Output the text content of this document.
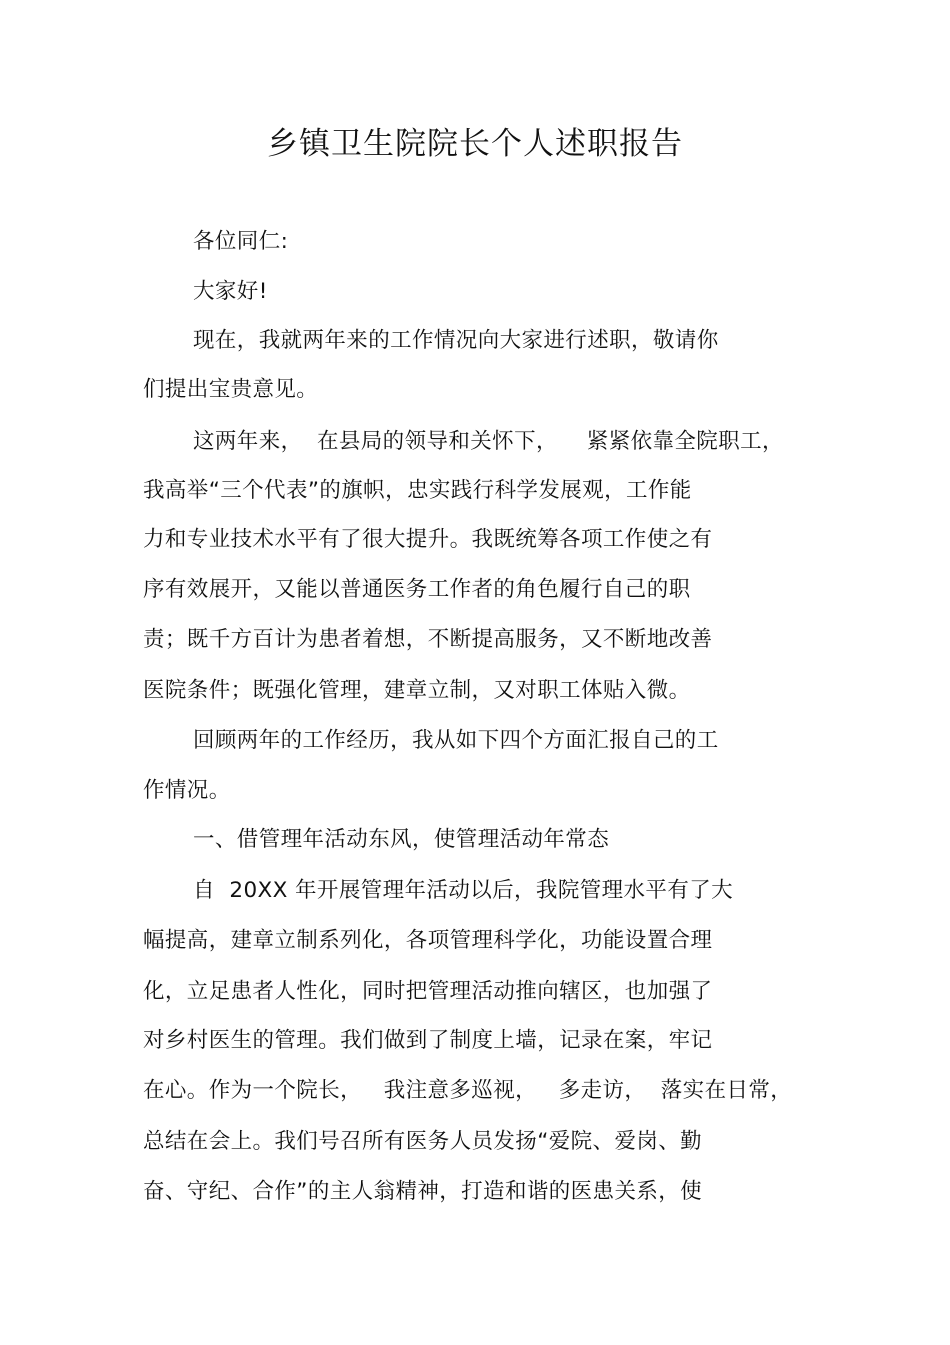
乡镇卫生院院长个人述职报告
各位同仁:
大家好!
现在，我就两年来的工作情况向大家进行述职，敬请你
们提出宝贵意见。
这两年来，  在县局的领导和关怀下，    紧紧依靠全院职工，
我高举“三个代表”的旗帜，忠实践行科学发展观，工作能
力和专业技术水平有了很大提升。我既统筹各项工作使之有
序有效展开，又能以普通医务工作者的角色履行自己的职
责；既千方百计为患者着想，不断提高服务，又不断地改善
医院条件；既强化管理，建章立制，又对职工体贴入微。
回顾两年的工作经历，我从如下四个方面汇报自己的工
作情况。
一、借管理年活动东风，使管理活动年常态
自  20XX 年开展管理年活动以后，我院管理水平有了大
幅提高，建章立制系列化，各项管理科学化，功能设置合理
化，立足患者人性化，同时把管理活动推向辖区，也加强了
对乡村医生的管理。我们做到了制度上墙，记录在案，牢记
在心。作为一个院长，   我注意多巡视，   多走访，  落实在日常，
总结在会上。我们号召所有医务人员发扬“爱院、爱岗、勤
奋、守纪、合作”的主人翁精神，打造和谐的医患关系，使
